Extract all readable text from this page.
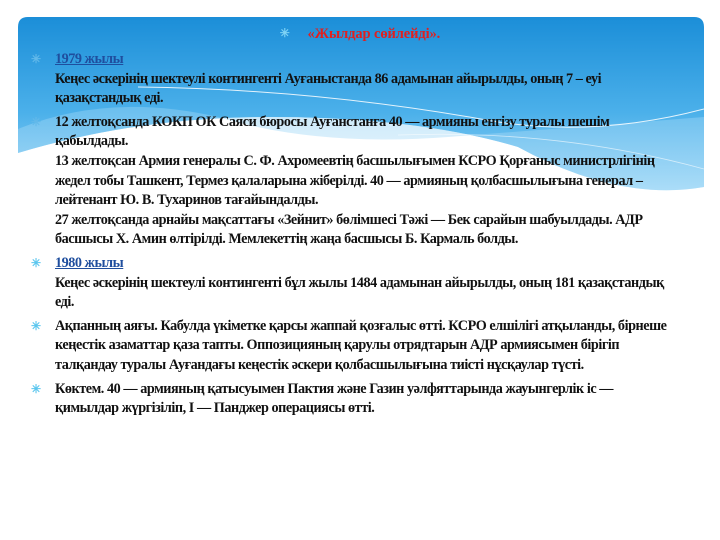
✳ «Жылдар сөйлейді».
✳ 1979 жылы
Кеңес әскерінің шектеулі контингенті Ауғаныстанда 86 адамынан айырылды, оның 7 – еуі қазақстандық еді.
✳ 12 желтоқсанда КОКП ОК Саяси бюросы Ауғанстанға 40 — армияны енгізу туралы шешім қабылдады.
13 желтоқсан Армия генералы С. Ф. Ахромеевтің басшылығымен КСРО Қорғаныс министрлігінің жедел тобы Ташкент, Термез қалаларына жіберілді. 40 — армияның қолбасшылығына генерал – лейтенант Ю. В. Тухаринов тағайындалды.
27 желтоқсанда арнайы мақсаттағы «Зейнит» бөлімшесі Тәжі — Бек сарайын шабуылдады. АДР басшысы Х. Амин өлтірілді. Мемлекеттің жаңа басшысы Б. Кармаль болды.
✳ 1980 жылы
Кеңес әскерінің шектеулі контингенті бұл жылы 1484 адамынан айырылды, оның 181 қазақстандық еді.
✳ Ақпанның аяғы. Кабулда үкіметке қарсы жаппай қозғалыс өтті. КСРО елшілігі атқыланды, бірнеше кеңестік азаматтар қаза тапты. Оппозицияның қарулы отрядтарын АДР армиясымен бірігіп талқандау туралы Ауғандағы кеңестік әскери қолбасшылығына тиісті нұсқаулар түсті.
✳ Көктем. 40 — армияның қатысуымен Пактия және Газин уәлфяттарында жауынгерлік іс — қимылдар жүргізіліп, I — Панджер операциясы өтті.
